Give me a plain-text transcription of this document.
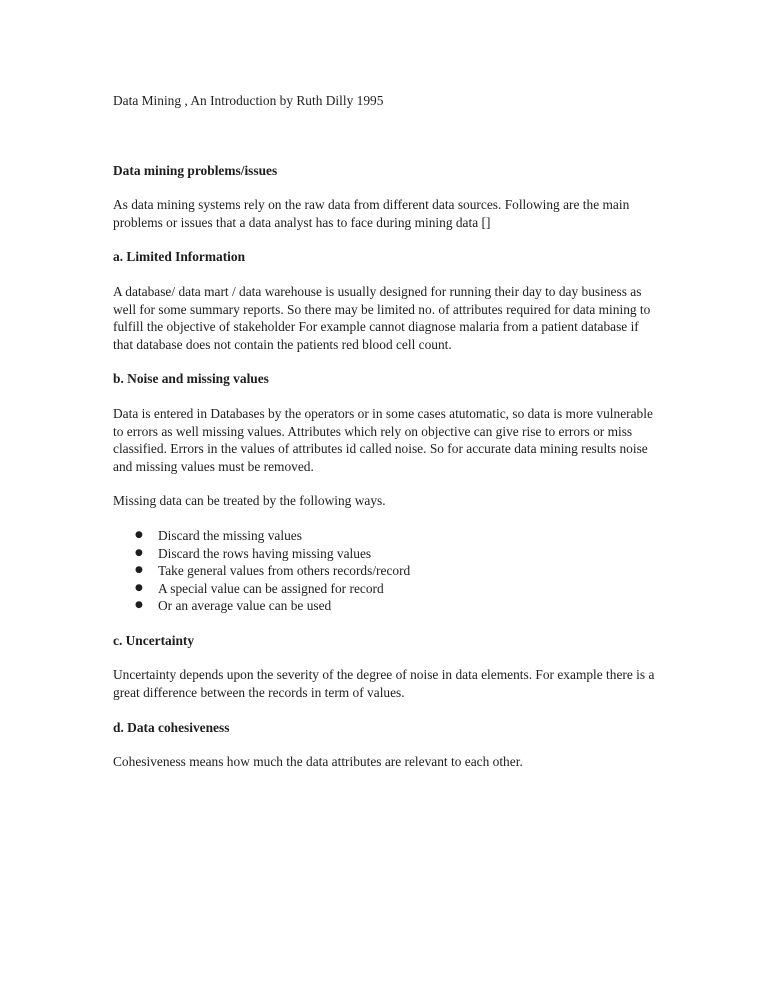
Data Mining , An Introduction by Ruth Dilly 1995

Data mining problems/issues

As data mining systems rely on the raw data from different data sources. Following are the main problems or issues that a data analyst has to face during mining data []

a. Limited Information

A database/ data mart / data warehouse is usually designed for running their day to day business as well for some summary reports. So there may be limited no. of attributes required for data mining to fulfill the objective of stakeholder For example cannot diagnose malaria from a patient database if that database does not contain the patients red blood cell count.

b. Noise and missing values

Data is entered in Databases by the operators or in some cases atutomatic, so data is more vulnerable to errors as well missing values. Attributes which rely on objective can give rise to errors or miss classified. Errors in the values of attributes id called noise. So for accurate data mining results noise and missing values must be removed.

Missing data can be treated by the following ways.

● Discard the missing values
● Discard the rows having missing values
● Take general values from others records/record
● A special value can be assigned for record
● Or an average value can be used

c. Uncertainty

Uncertainty depends upon the severity of the degree of noise in data elements. For example there is a great difference between the records in term of values.

d. Data cohesiveness

Cohesiveness means how much the data attributes are relevant to each other.
